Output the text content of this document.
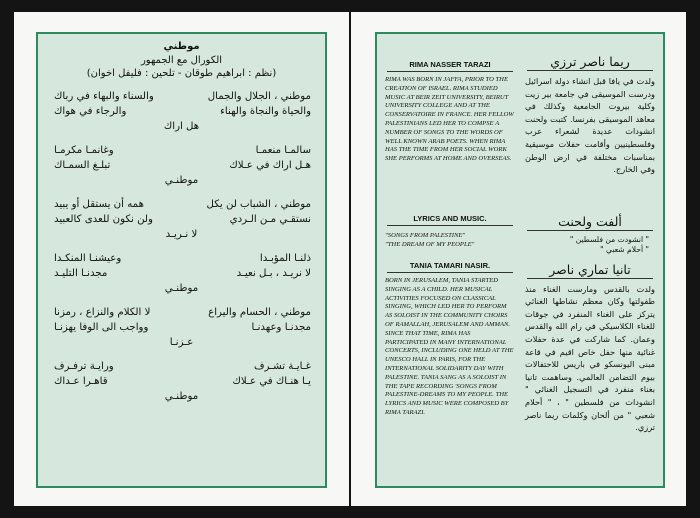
موطني
الكورال مع الجمهور
(نظم : ابراهيم طوقان - تلحين : فليفل اخوان)
موطني ، الجلال والجمال
والسناء والبهاء في رباك
والحياة والنجاة والهناء
والرجاء في هواك
هل اراك
سالمـا منعمـا
وغانمـا مكرمـا
هـل اراك في عـلاك
تبلـغ السمـاك
موطنـي
موطني ، الشباب لن يكل
همه أن يستقل أو يبيد
نستقـي مـن الـردي
ولن نكون للعدى كالعبيد
لا نـريـد
ذلنـا المؤبـدا
وعيشنـا المنكـدا
لا نريـد ، بـل نعيـد
مجدنـا التليـد
موطنـي
موطني ، الحسام واليراع
لا الكلام والنزاع ، رمزنا
مجدنـا وعهدنـا
وواجب الى الوفا يهزنـا
عـزنـا
غـايـة تشـرف
ورايـة ترفـرف
يـا هنـاك في عـلاك
قاهـرا عـداك
موطنـي
RIMA NASSER TARAZI
RIMA WAS BORN IN JAFFA, PRIOR TO THE CREATION OF ISRAEL. RIMA STUDIED MUSIC AT BEIR ZEIT UNIVERSITY, BEIRUT UNIVERSITY COLLEGE AND AT THE CONSERVATOIRE IN FRANCE. HER FELLOW PALESTINIANS LED HER TO COMPSE A NUMBER OF SONGS TO THE WORDS OF WELL KNOWN ARAB POETS. WHEN RIMA HAS THE TIME FROM HER SOCIAL WORK SHE PERFORMS AT HOME AND OVERSEAS.
LYRICS AND MUSIC.
"SONGS FROM PALESTINE"
"THE DREAM OF MY PEOPLE"
TANIA TAMARI NASIR.
BORN IN JERUSALEM, TANIA STARTED SINGING AS A CHILD. HER MUSICAL ACTIVITIES FOCUSED ON CLASSICAL SINGING, WHICH LED HER TO PERFORM AS SOLOIST IN THE COMMUNITY CHOIRS OF RAMALLAH, JERUSALEM AND AMMAN. SINCE THAT TIME, RIMA HAS PARTICIPATED IN MANY INTERNATIONAL CONCERTS, INCLUDING ONE HELD AT THE UNESCO HALL IN PARIS, FOR THE INTERNATIONAL SOLIDARITY DAY WITH PALESTINE. TANIA SANG AS A SOLOIST IN THE TAPE RECORDING 'SONGS FROM PALESTINE-DREAMS TO MY PEOPLE. THE LYRICS AND MUSIC WERE COMPOSED BY RIMA TARAZI.
ريما ناصر ترزي
ولدت في يافا قبل انشاء دولة اسرائيل ودرست الموسيقى في جامعة بير زيت وكلية بيروت الجامعية وكذلك في معاهد الموسيقى بفرنسا. كتبت ولحنت انشودات عديدة لشعراء عرب وفلسطينيين وأقامت حفلات موسيقية بمناسبات مختلفة في ارض الوطن وفي الخارج.
ألفت ولحنت
" انشودت من فلسطين "
" أحلام شعبي "
تانيا تماري ناصر
ولدت بالقدس ومارست الغناء منذ طفولتها وكان معظم نشاطها الغنائي يتركز على الغناء المنفرد في جوقات للغناء الكلاسيكي في رام الله والقدس وعمان. كما شاركت في عدة حفلات غنائية منها حفل خاص اقيم في قاعة مبنى اليونسكو في باريس للاحتفالات بيوم التضامن العالمي. وساهمت تانيا بغناء منفرد في التسجيل الغنائي " انشودات من فلسطين " ، " أحلام شعبي " من ألحان وكلمات ريما ناصر ترزي.
